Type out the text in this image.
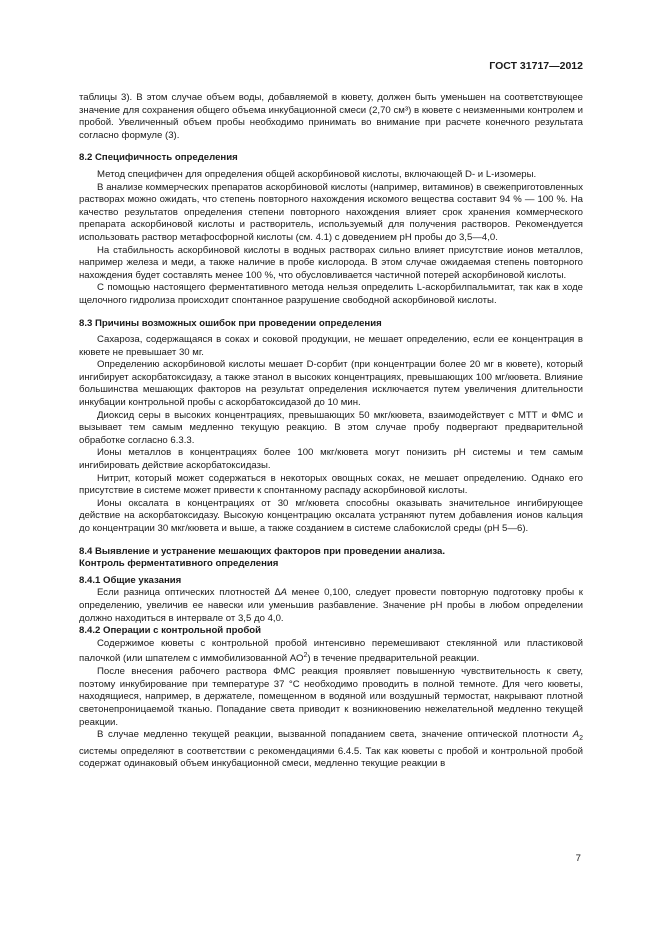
ГОСТ 31717—2012

таблицы 3). В этом случае объем воды, добавляемой в кювету, должен быть уменьшен на соответствующее значение для сохранения общего объема инкубационной смеси (2,70 см³) в кювете с неизменными контролем и пробой. Увеличенный объем пробы необходимо принимать во внимание при расчете конечного результата согласно формуле (3).

8.2 Специфичность определения

Метод специфичен для определения общей аскорбиновой кислоты, включающей D- и L-изомеры.

В анализе коммерческих препаратов аскорбиновой кислоты (например, витаминов) в свежеприготовленных растворах можно ожидать, что степень повторного нахождения искомого вещества составит 94 % — 100 %. На качество результатов определения степени повторного нахождения влияет срок хранения коммерческого препарата аскорбиновой кислоты и растворитель, используемый для получения растворов. Рекомендуется использовать раствор метафосфорной кислоты (см. 4.1) с доведением pH пробы до 3,5—4,0.

На стабильность аскорбиновой кислоты в водных растворах сильно влияет присутствие ионов металлов, например железа и меди, а также наличие в пробе кислорода. В этом случае ожидаемая степень повторного нахождения будет составлять менее 100 %, что обусловливается частичной потерей аскорбиновой кислоты.

С помощью настоящего ферментативного метода нельзя определить L-аскорбилпальмитат, так как в ходе щелочного гидролиза происходит спонтанное разрушение свободной аскорбиновой кислоты.

8.3 Причины возможных ошибок при проведении определения

Сахароза, содержащаяся в соках и соковой продукции, не мешает определению, если ее концентрация в кювете не превышает 30 мг.

Определению аскорбиновой кислоты мешает D-сорбит (при концентрации более 20 мг в кювете), который ингибирует аскорбатоксидазу, а также этанол в высоких концентрациях, превышающих 100 мг/кювета. Влияние большинства мешающих факторов на результат определения исключается путем увеличения длительности инкубации контрольной пробы с аскорбатоксидазой до 10 мин.

Диоксид серы в высоких концентрациях, превышающих 50 мкг/кювета, взаимодействует с МТТ и ФМС и вызывает тем самым медленно текущую реакцию. В этом случае пробу подвергают предварительной обработке согласно 6.3.3.

Ионы металлов в концентрациях более 100 мкг/кювета могут понизить pH системы и тем самым ингибировать действие аскорбатоксидазы.

Нитрит, который может содержаться в некоторых овощных соках, не мешает определению. Однако его присутствие в системе может привести к спонтанному распаду аскорбиновой кислоты.

Ионы оксалата в концентрациях от 30 мг/кювета способны оказывать значительное ингибирующее действие на аскорбатоксидазу. Высокую концентрацию оксалата устраняют путем добавления ионов кальция до концентрации 30 мкг/кювета и выше, а также созданием в системе слабокислой среды (pH 5—6).

8.4 Выявление и устранение мешающих факторов при проведении анализа.
Контроль ферментативного определения
8.4.1 Общие указания

Если разница оптических плотностей ∆A менее 0,100, следует провести повторную подготовку пробы к определению, увеличив ее навески или уменьшив разбавление. Значение pH пробы в любом определении должно находиться в интервале от 3,5 до 4,0.

8.4.2 Операции с контрольной пробой

Содержимое кюветы с контрольной пробой интенсивно перемешивают стеклянной или пластиковой палочкой (или шпателем с иммобилизованной $АО^2$) в течение предварительной реакции.

После внесения рабочего раствора ФМС реакция проявляет повышенную чувствительность к свету, поэтому инкубирование при температуре 37 °С необходимо проводить в полной темноте. Для чего кюветы, находящиеся, например, в держателе, помещенном в водяной или воздушный термостат, накрывают плотной светонепроницаемой тканью. Попадание света приводит к возникновению нежелательной медленно текущей реакции.

В случае медленно текущей реакции, вызванной попаданием света, значение оптической плотности $A_2$ системы определяют в соответствии с рекомендациями 6.4.5. Так как кюветы с пробой и контрольной пробой содержат одинаковый объем инкубационной смеси, медленно текущие реакции в

7
